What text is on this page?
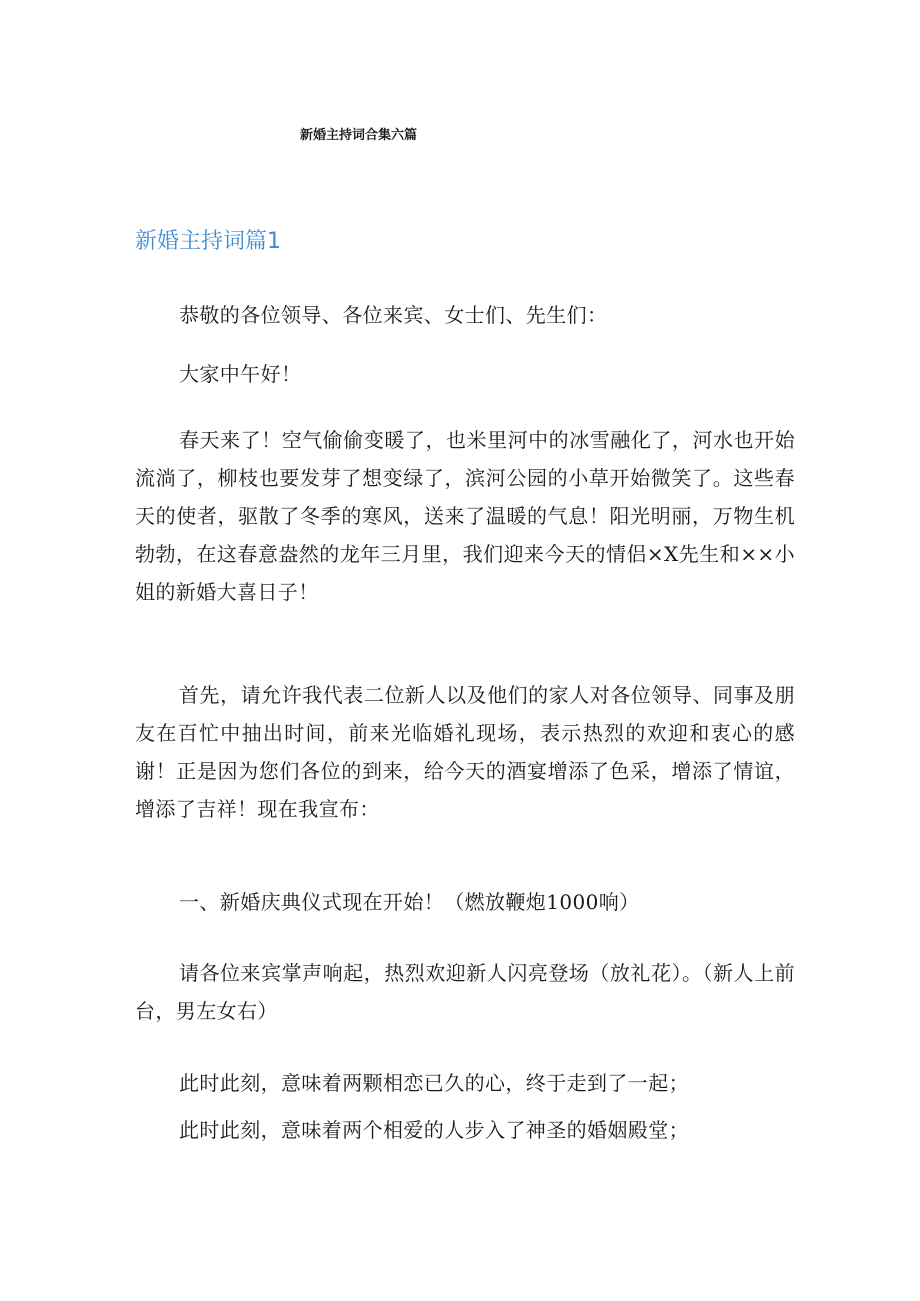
新婚主持词合集六篇
新婚主持词篇1

恭敬的各位领导、各位来宾、女士们、先生们：

大家中午好！

春天来了！空气偷偷变暖了，也米里河中的冰雪融化了，河水也开始流淌了，柳枝也要发芽了想变绿了，滨河公园的小草开始微笑了。这些春天的使者，驱散了冬季的寒风，送来了温暖的气息！阳光明丽，万物生机勃勃，在这春意盎然的龙年三月里，我们迎来今天的情侣×X先生和××小姐的新婚大喜日子！

首先，请允许我代表二位新人以及他们的家人对各位领导、同事及朋友在百忙中抽出时间，前来光临婚礼现场，表示热烈的欢迎和衷心的感谢！正是因为您们各位的到来，给今天的酒宴增添了色采，增添了情谊，增添了吉祥！现在我宣布：

一、新婚庆典仪式现在开始！（燃放鞭炮1000响）

请各位来宾掌声响起，热烈欢迎新人闪亮登场（放礼花）。（新人上前台，男左女右）

此时此刻，意味着两颗相恋已久的心，终于走到了一起；

此时此刻，意味着两个相爱的人步入了神圣的婚姻殿堂；
